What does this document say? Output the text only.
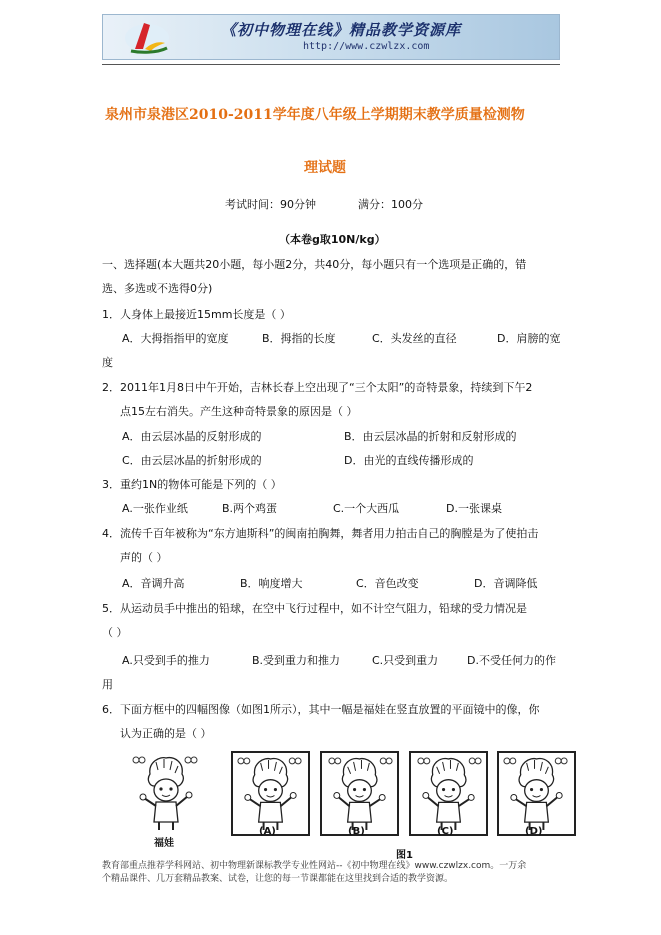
《初中物理在线》精品教学资源库
http://www.czwlzx.com
泉州市泉港区2010-2011学年度八年级上学期期末教学质量检测物
理试题
考试时间：90分钟	满分：100分
（本卷g取10N/kg）
一、选择题(本大题共20小题，每小题2分，共40分，每小题只有一个选项是正确的，错
选、多选或不选得0分)
1．人身体上最接近15mm长度是（ ）
A．大拇指指甲的宽度	B．拇指的长度	C．头发丝的直径	D．肩膀的宽
度
2．2011年1月8日中午开始，吉林长春上空出现了“三个太阳”的奇特景象，持续到下午2
点15左右消失。产生这种奇特景象的原因是（ ）
A．由云层冰晶的反射形成的	B．由云层冰晶的折射和反射形成的
C．由云层冰晶的折射形成的	D．由光的直线传播形成的
3．重约1N的物体可能是下列的（ ）
A.一张作业纸	B.两个鸡蛋	C.一个大西瓜	D.一张课桌
4．流传千百年被称为“东方迪斯科”的闽南拍胸舞，舞者用力拍击自己的胸膛是为了使拍击
声的（ ）
A．音调升高	B．响度增大	C．音色改变	D．音调降低
5．从运动员手中推出的铅球，在空中飞行过程中，如不计空气阻力，铅球的受力情况是
（ ）
A.只受到手的推力	B.受到重力和推力	C.只受到重力	D.不受任何力的作
用
6．下面方框中的四幅图像（如图1所示），其中一幅是福娃在竖直放置的平面镜中的像，你
认为正确的是（ ）
福娃
(A)	(B)	(C)	(D)
图1
教育部重点推荐学科网站、初中物理新课标教学专业性网站--《初中物理在线》www.czwlzx.com。一万余
个精品课件、几万套精品教案、试卷，让您的每一节课都能在这里找到合适的教学资源。
